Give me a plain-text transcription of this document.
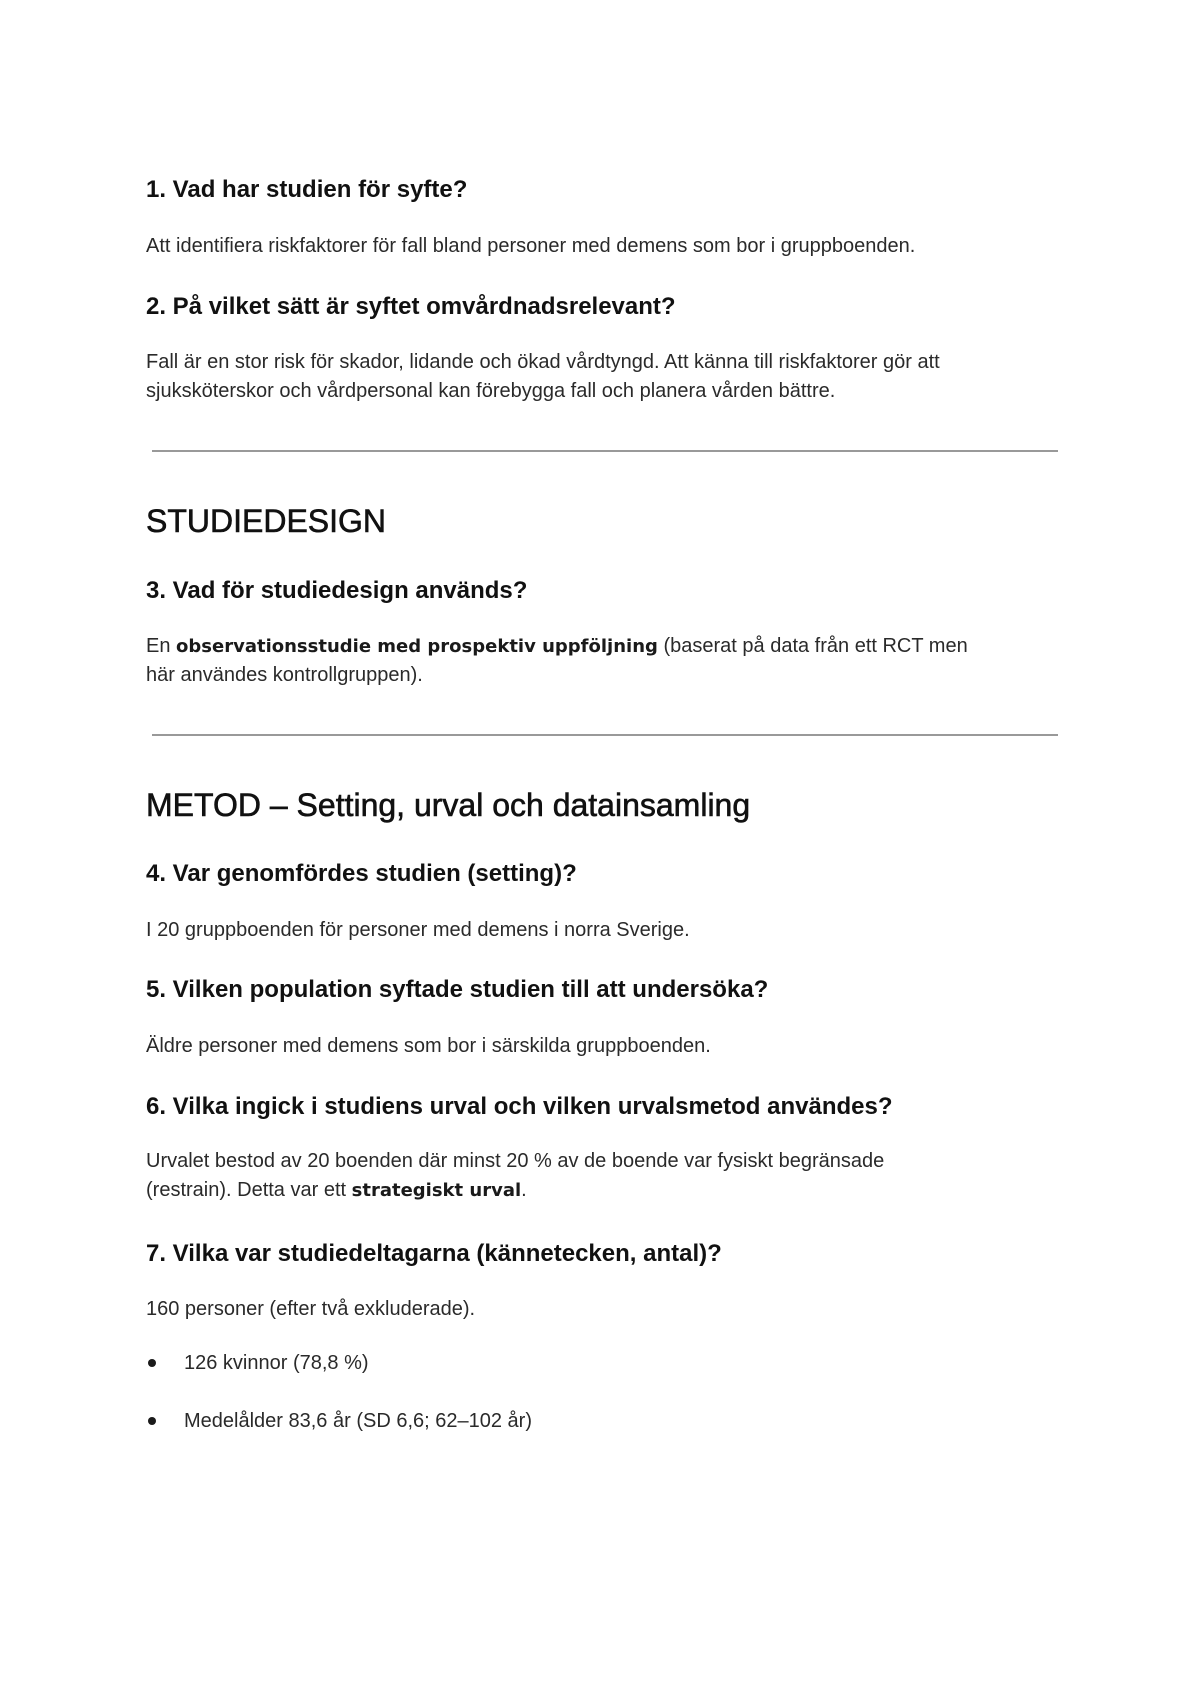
1. Vad har studien för syfte?

Att identifiera riskfaktorer för fall bland personer med demens som bor i gruppboenden.

2. På vilket sätt är syftet omvårdnadsrelevant?

Fall är en stor risk för skador, lidande och ökad vårdtyngd. Att känna till riskfaktorer gör att
sjuksköterskor och vårdpersonal kan förebygga fall och planera vården bättre.

STUDIEDESIGN
3. Vad för studiedesign används?

En observationsstudie med prospektiv uppföljning (baserat på data från ett RCT men
här användes kontrollgruppen).

METOD – Setting, urval och datainsamling
4. Var genomfördes studien (setting)?

I 20 gruppboenden för personer med demens i norra Sverige.

5. Vilken population syftade studien till att undersöka?

Äldre personer med demens som bor i särskilda gruppboenden.

6. Vilka ingick i studiens urval och vilken urvalsmetod användes?

Urvalet bestod av 20 boenden där minst 20 % av de boende var fysiskt begränsade
(restrain). Detta var ett strategiskt urval.

7. Vilka var studiedeltagarna (kännetecken, antal)?

160 personer (efter två exkluderade).

126 kvinnor (78,8 %)
Medelålder 83,6 år (SD 6,6; 62–102 år)
